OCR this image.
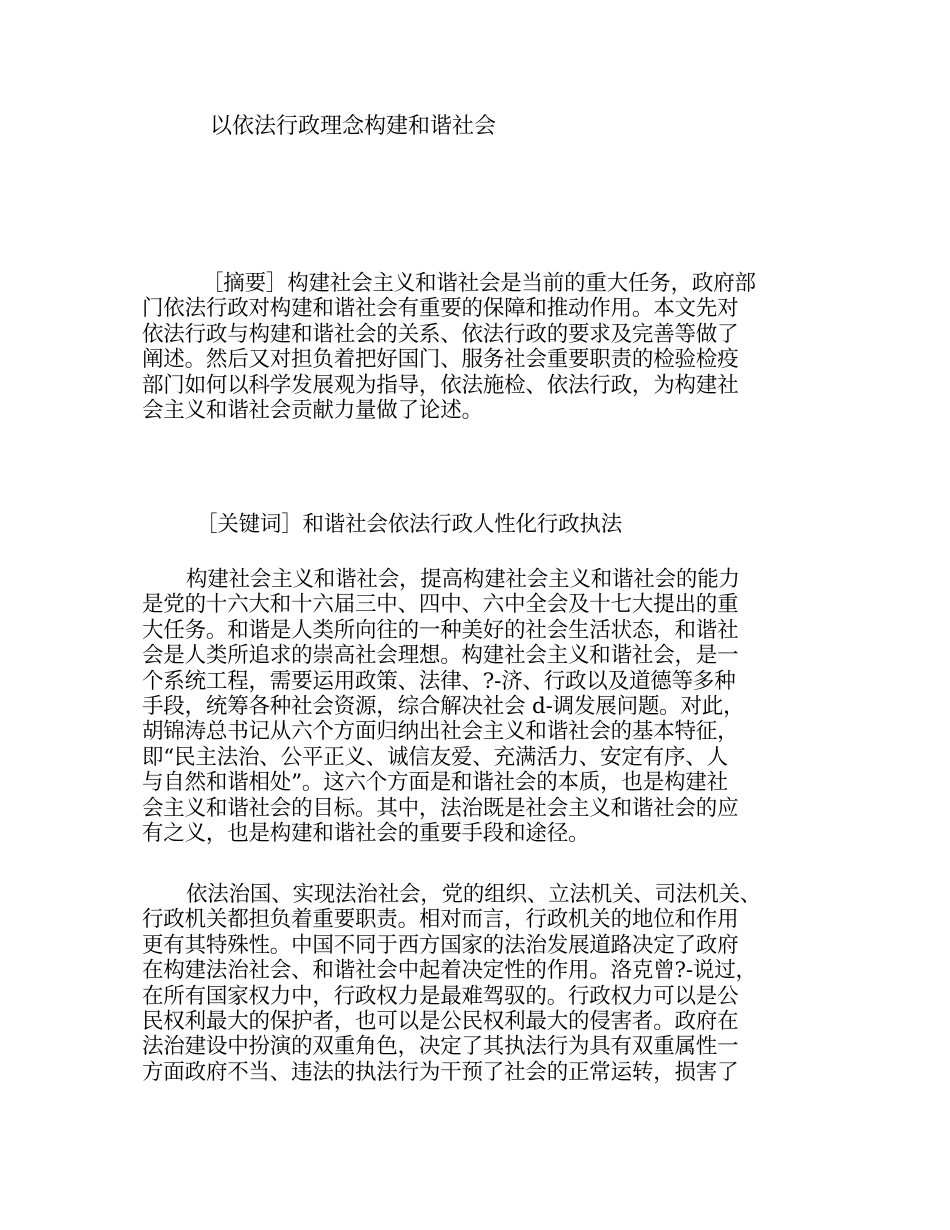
以依法行政理念构建和谐社会
［摘要］构建社会主义和谐社会是当前的重大任务，政府部
门依法行政对构建和谐社会有重要的保障和推动作用。本文先对
依法行政与构建和谐社会的关系、依法行政的要求及完善等做了
阐述。然后又对担负着把好国门、服务社会重要职责的检验检疫
部门如何以科学发展观为指导，依法施检、依法行政，为构建社
会主义和谐社会贡献力量做了论述。
［关键词］和谐社会依法行政人性化行政执法
构建社会主义和谐社会，提高构建社会主义和谐社会的能力
是党的十六大和十六届三中、四中、六中全会及十七大提出的重
大任务。和谐是人类所向往的一种美好的社会生活状态，和谐社
会是人类所追求的崇高社会理想。构建社会主义和谐社会，是一
个系统工程，需要运用政策、法律、?-济、行政以及道德等多种
手段，统筹各种社会资源，综合解决社会 d-调发展问题。对此，
胡锦涛总书记从六个方面归纳出社会主义和谐社会的基本特征，
即“民主法治、公平正义、诚信友爱、充满活力、安定有序、人
与自然和谐相处”。这六个方面是和谐社会的本质，也是构建社
会主义和谐社会的目标。其中，法治既是社会主义和谐社会的应
有之义，也是构建和谐社会的重要手段和途径。
依法治国、实现法治社会，党的组织、立法机关、司法机关、
行政机关都担负着重要职责。相对而言，行政机关的地位和作用
更有其特殊性。中国不同于西方国家的法治发展道路决定了政府
在构建法治社会、和谐社会中起着决定性的作用。洛克曾?-说过，
在所有国家权力中，行政权力是最难驾驭的。行政权力可以是公
民权利最大的保护者，也可以是公民权利最大的侵害者。政府在
法治建设中扮演的双重角色，决定了其执法行为具有双重属性一
方面政府不当、违法的执法行为干预了社会的正常运转，损害了
